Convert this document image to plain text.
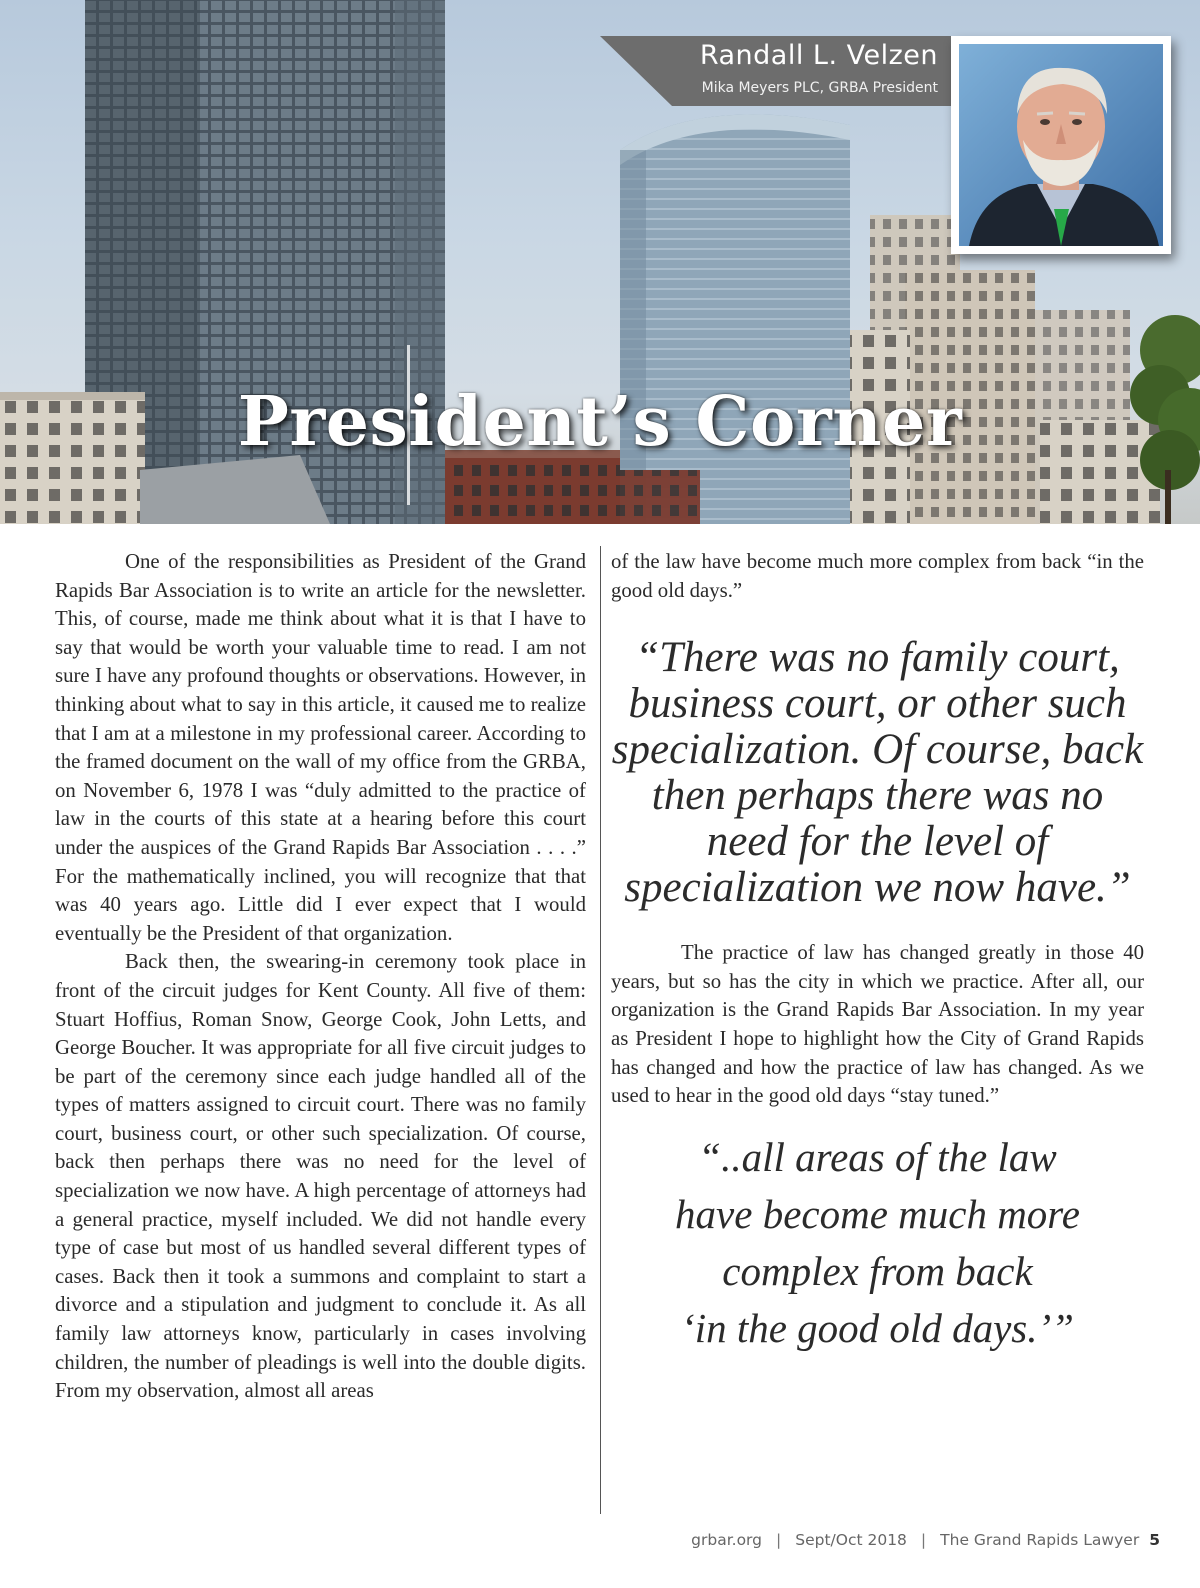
Randall L. Velzen
Mika Meyers PLC, GRBA President
President’s Corner

One of the responsibilities as President of the Grand Rapids Bar Association is to write an article for the newsletter. This, of course, made me think about what it is that I have to say that would be worth your valuable time to read. I am not sure I have any profound thoughts or observations. However, in thinking about what to say in this article, it caused me to realize that I am at a milestone in my professional career. According to the framed document on the wall of my office from the GRBA, on November 6, 1978 I was “duly admitted to the practice of law in the courts of this state at a hearing before this court under the auspices of the Grand Rapids Bar Association . . . .” For the mathematically inclined, you will recognize that that was 40 years ago. Little did I ever expect that I would eventually be the President of that organization.

Back then, the swearing-in ceremony took place in front of the circuit judges for Kent County. All five of them: Stuart Hoffius, Roman Snow, George Cook, John Letts, and George Boucher. It was appropriate for all five circuit judges to be part of the ceremony since each judge handled all of the types of matters assigned to circuit court. There was no family court, business court, or other such specialization. Of course, back then perhaps there was no need for the level of specialization we now have. A high percentage of attorneys had a general practice, myself included. We did not handle every type of case but most of us handled several different types of cases. Back then it took a summons and complaint to start a divorce and a stipulation and judgment to conclude it. As all family law attorneys know, particularly in cases involving children, the number of pleadings is well into the double digits. From my observation, almost all areas

of the law have become much more complex from back “in the good old days.”

“There was no family court, business court, or other such specialization. Of course, back then perhaps there was no need for the level of specialization we now have.”

The practice of law has changed greatly in those 40 years, but so has the city in which we practice. After all, our organization is the Grand Rapids Bar Association. In my year as President I hope to highlight how the City of Grand Rapids has changed and how the practice of law has changed. As we used to hear in the good old days “stay tuned.”

“..all areas of the law
have become much more
complex from back
‘in the good old days.’”
grbar.org | Sept/Oct 2018 | The Grand Rapids Lawyer 5
